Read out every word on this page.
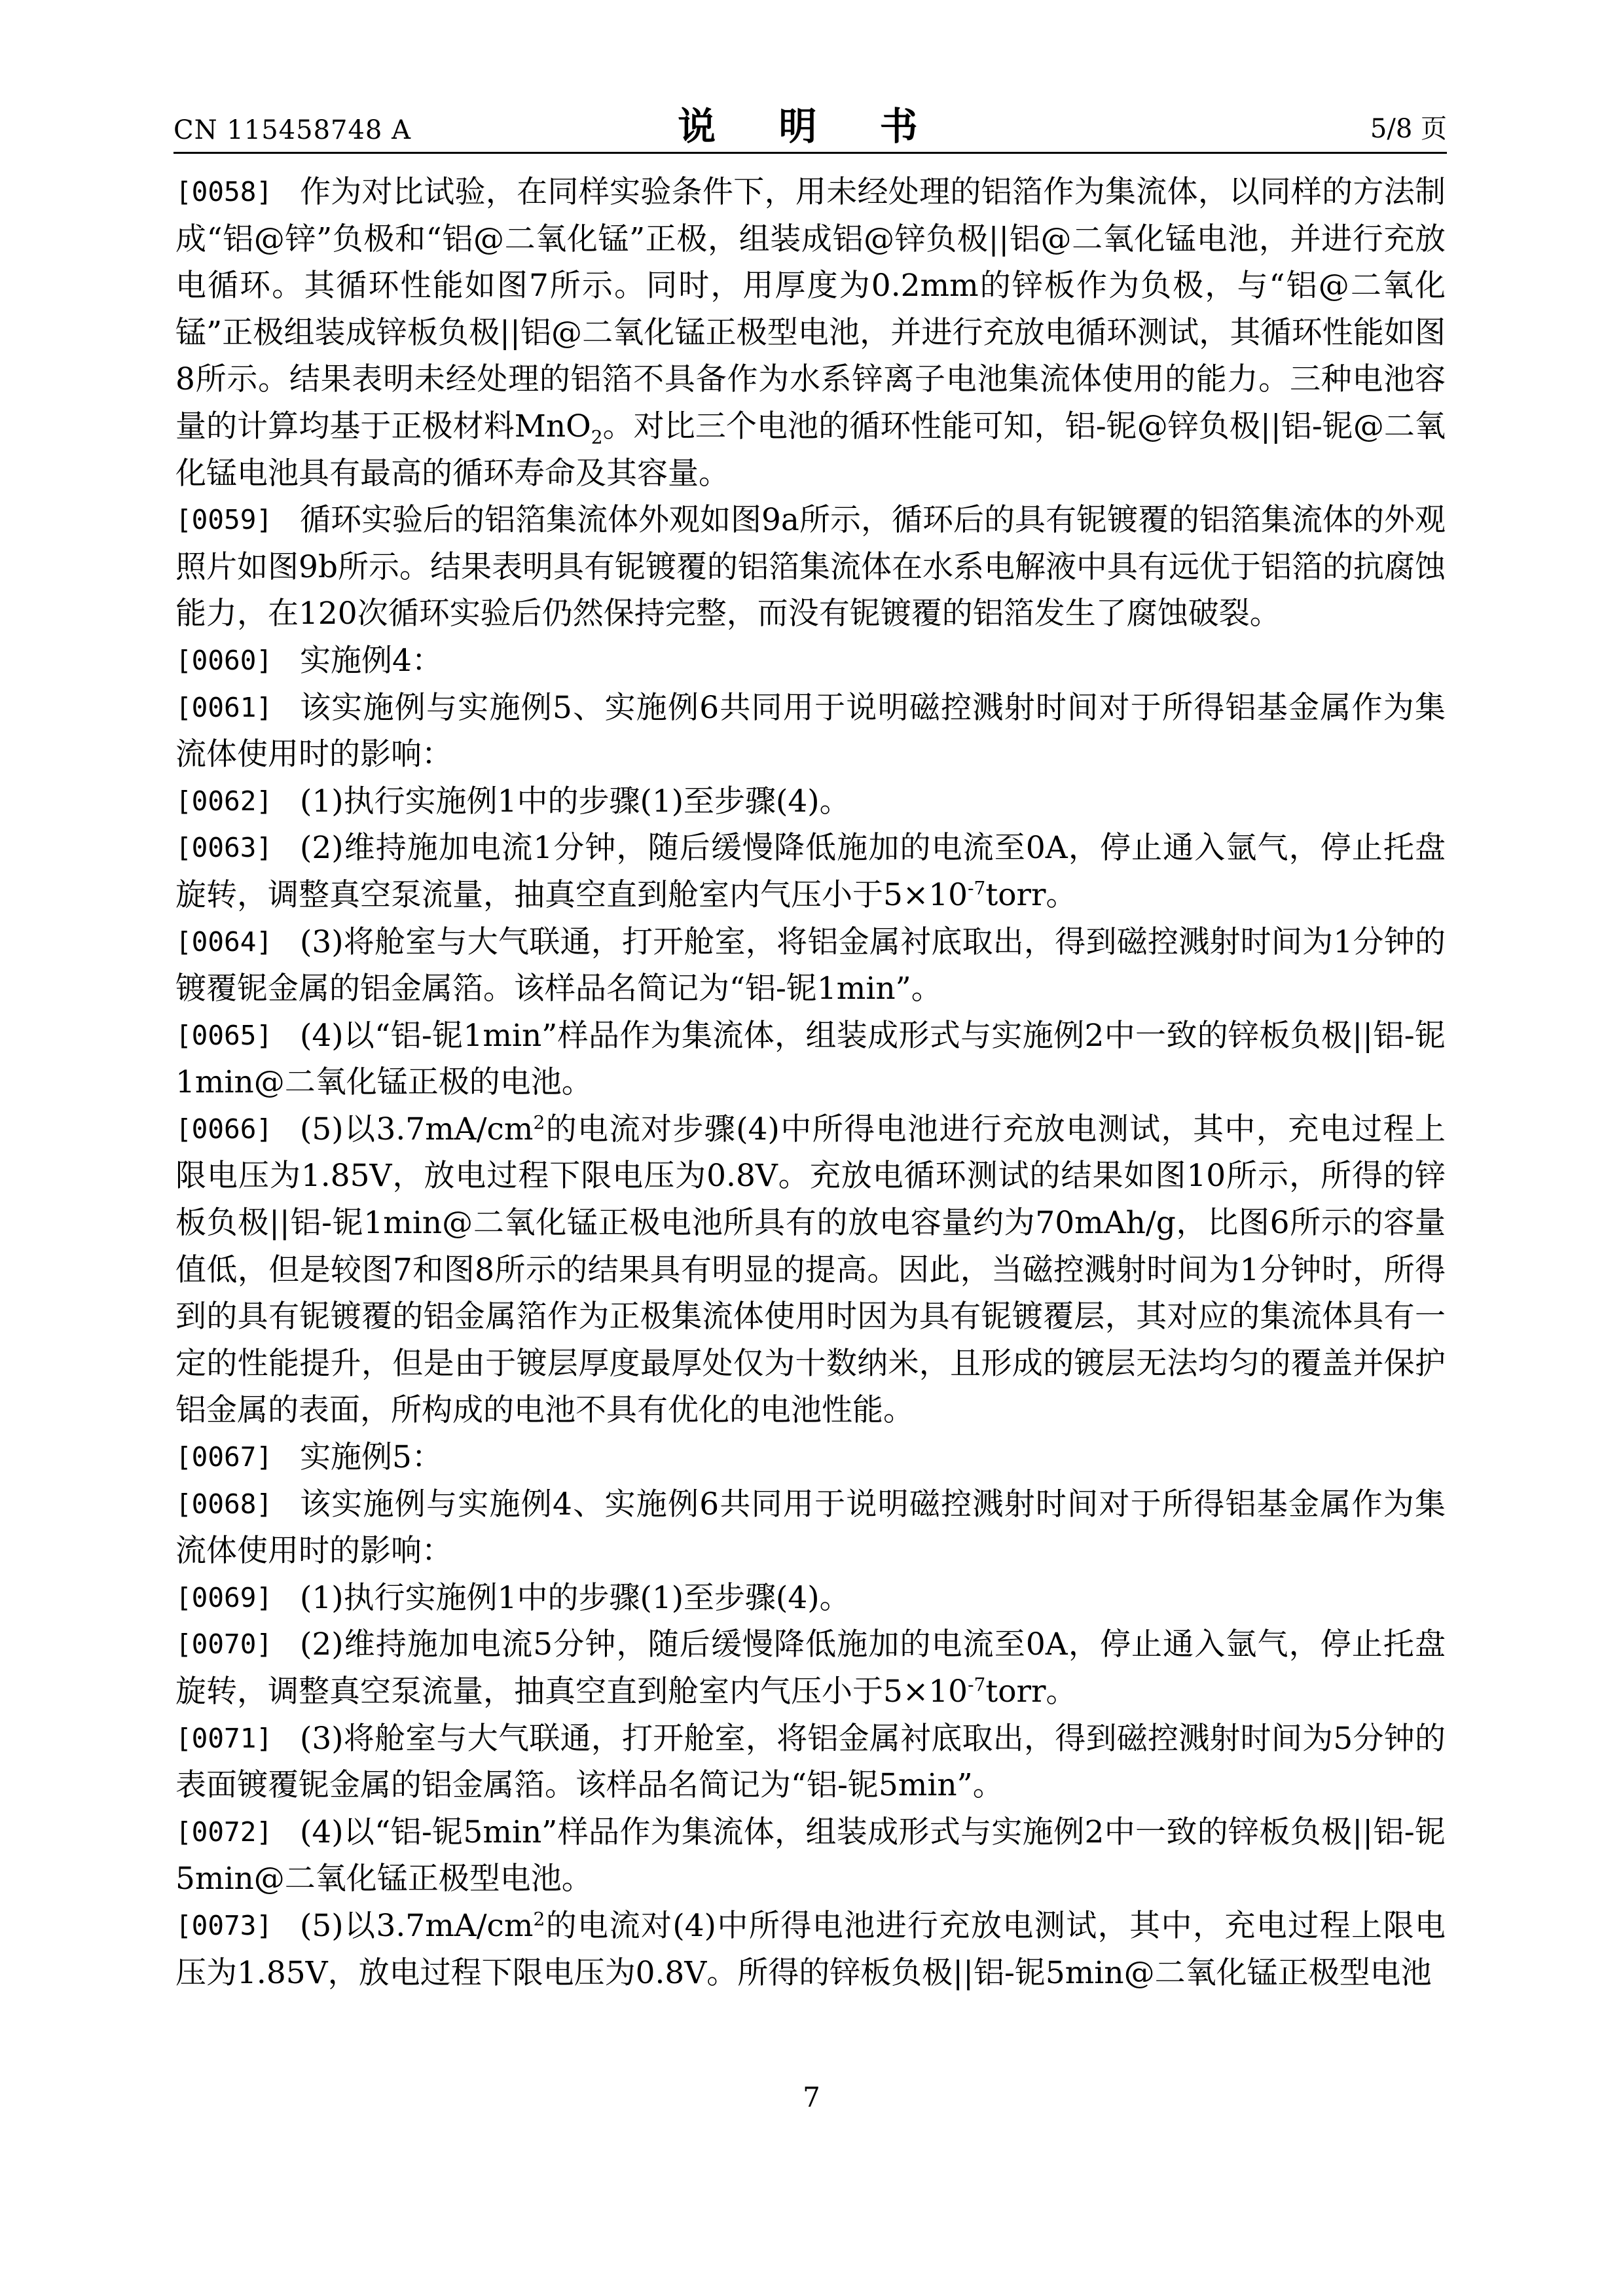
CN 115458748 A	说 明 书	5/8 页

[0058] 作为对比试验，在同样实验条件下，用未经处理的铝箔作为集流体，以同样的方法制成“铝@锌”负极和“铝@二氧化锰”正极，组装成铝@锌负极||铝@二氧化锰电池，并进行充放电循环。其循环性能如图7所示。同时，用厚度为0.2mm的锌板作为负极，与“铝@二氧化锰”正极组装成锌板负极||铝@二氧化锰正极型电池，并进行充放电循环测试，其循环性能如图8所示。结果表明未经处理的铝箔不具备作为水系锌离子电池集流体使用的能力。三种电池容量的计算均基于正极材料MnO$_2$。对比三个电池的循环性能可知，铝-铌@锌负极||铝-铌@二氧化锰电池具有最高的循环寿命及其容量。

[0059] 循环实验后的铝箔集流体外观如图9a所示，循环后的具有铌镀覆的铝箔集流体的外观照片如图9b所示。结果表明具有铌镀覆的铝箔集流体在水系电解液中具有远优于铝箔的抗腐蚀能力，在120次循环实验后仍然保持完整，而没有铌镀覆的铝箔发生了腐蚀破裂。

[0060] 实施例4：

[0061] 该实施例与实施例5、实施例6共同用于说明磁控溅射时间对于所得铝基金属作为集流体使用时的影响：

[0062] (1)执行实施例1中的步骤(1)至步骤(4)。

[0063] (2)维持施加电流1分钟，随后缓慢降低施加的电流至0A，停止通入氩气，停止托盘旋转，调整真空泵流量，抽真空直到舱室内气压小于$5\times 10^{-7}torr$。

[0064] (3)将舱室与大气联通，打开舱室，将铝金属衬底取出，得到磁控溅射时间为1分钟的镀覆铌金属的铝金属箔。该样品名简记为“铝-铌1min”。

[0065] (4)以“铝-铌1min”样品作为集流体，组装成形式与实施例2中一致的锌板负极||铝-铌1min@二氧化锰正极的电池。

[0066] (5)以$3.7mA/cm^2$的电流对步骤(4)中所得电池进行充放电测试，其中，充电过程上限电压为1.85V，放电过程下限电压为0.8V。充放电循环测试的结果如图10所示，所得的锌板负极||铝-铌1min@二氧化锰正极电池所具有的放电容量约为70mAh/g，比图6所示的容量值低，但是较图7和图8所示的结果具有明显的提高。因此，当磁控溅射时间为1分钟时，所得到的具有铌镀覆的铝金属箔作为正极集流体使用时因为具有铌镀覆层，其对应的集流体具有一定的性能提升，但是由于镀层厚度最厚处仅为十数纳米，且形成的镀层无法均匀的覆盖并保护铝金属的表面，所构成的电池不具有优化的电池性能。

[0067] 实施例5：

[0068] 该实施例与实施例4、实施例6共同用于说明磁控溅射时间对于所得铝基金属作为集流体使用时的影响：

[0069] (1)执行实施例1中的步骤(1)至步骤(4)。

[0070] (2)维持施加电流5分钟，随后缓慢降低施加的电流至0A，停止通入氩气，停止托盘旋转，调整真空泵流量，抽真空直到舱室内气压小于$5\times 10^{-7}torr$。

[0071] (3)将舱室与大气联通，打开舱室，将铝金属衬底取出，得到磁控溅射时间为5分钟的表面镀覆铌金属的铝金属箔。该样品名简记为“铝-铌5min”。

[0072] (4)以“铝-铌5min”样品作为集流体，组装成形式与实施例2中一致的锌板负极||铝-铌5min@二氧化锰正极型电池。

[0073] (5)以$3.7mA/cm^2$的电流对(4)中所得电池进行充放电测试，其中，充电过程上限电压为1.85V，放电过程下限电压为0.8V。所得的锌板负极||铝-铌5min@二氧化锰正极型电池

7
